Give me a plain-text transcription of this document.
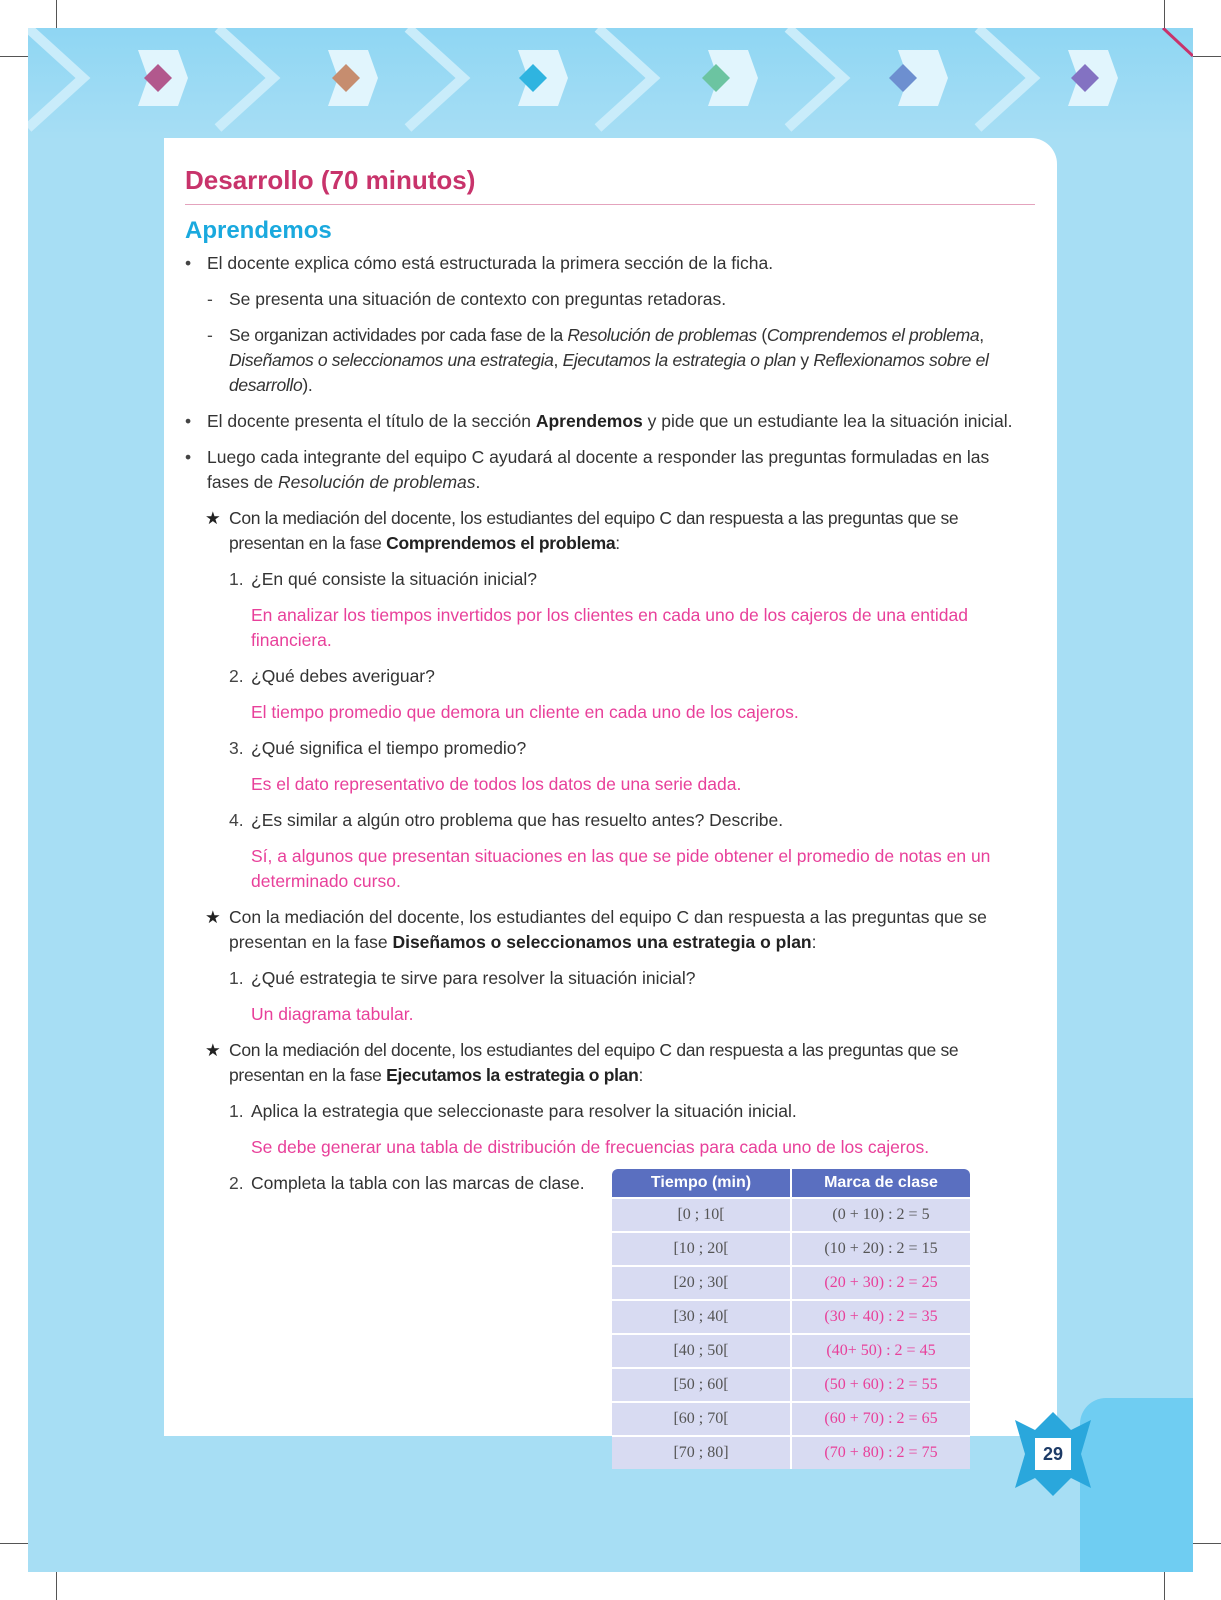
Desarrollo (70 minutos)
Aprendemos
• El docente explica cómo está estructurada la primera sección de la ficha.
- Se presenta una situación de contexto con preguntas retadoras.
- Se organizan actividades por cada fase de la Resolución de problemas (Comprendemos el problema, Diseñamos o seleccionamos una estrategia, Ejecutamos la estrategia o plan y Reflexionamos sobre el desarrollo).
• El docente presenta el título de la sección Aprendemos y pide que un estudiante lea la situación inicial.
• Luego cada integrante del equipo C ayudará al docente a responder las preguntas formuladas en las fases de Resolución de problemas.
★ Con la mediación del docente, los estudiantes del equipo C dan respuesta a las preguntas que se presentan en la fase Comprendemos el problema:
1. ¿En qué consiste la situación inicial?
En analizar los tiempos invertidos por los clientes en cada uno de los cajeros de una entidad financiera.
2. ¿Qué debes averiguar?
El tiempo promedio que demora un cliente en cada uno de los cajeros.
3. ¿Qué significa el tiempo promedio?
Es el dato representativo de todos los datos de una serie dada.
4. ¿Es similar a algún otro problema que has resuelto antes? Describe.
Sí, a algunos que presentan situaciones en las que se pide obtener el promedio de notas en un determinado curso.
★ Con la mediación del docente, los estudiantes del equipo C dan respuesta a las preguntas que se presentan en la fase Diseñamos o seleccionamos una estrategia o plan:
1. ¿Qué estrategia te sirve para resolver la situación inicial?
Un diagrama tabular.
★ Con la mediación del docente, los estudiantes del equipo C dan respuesta a las preguntas que se presentan en la fase Ejecutamos la estrategia o plan:
1. Aplica la estrategia que seleccionaste para resolver la situación inicial.
Se debe generar una tabla de distribución de frecuencias para cada uno de los cajeros.
2. Completa la tabla con las marcas de clase.	Tiempo (min)	Marca de clase
[0 ; 10[	(0 + 10) : 2 = 5
[10 ; 20[	(10 + 20) : 2 = 15
[20 ; 30[	(20 + 30) : 2 = 25
[30 ; 40[	(30 + 40) : 2 = 35
[40 ; 50[	(40+ 50) : 2 = 45
[50 ; 60[	(50 + 60) : 2 = 55
[60 ; 70[	(60 + 70) : 2 = 65
[70 ; 80]	(70 + 80) : 2 = 75	29
